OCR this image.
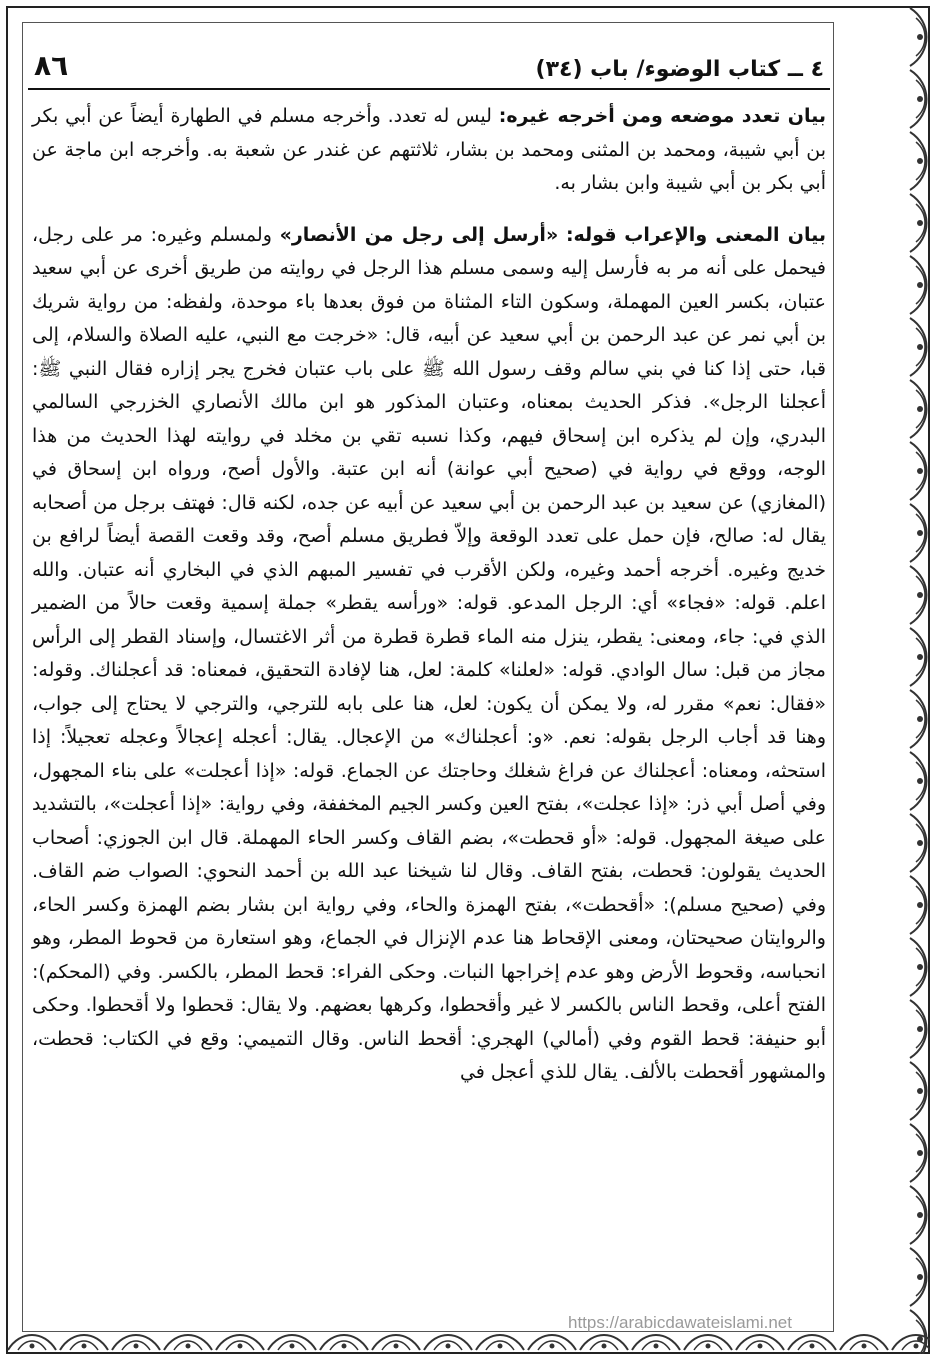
٤ ــ كتاب الوضوء/ باب (٣٤)
٨٦

بيان تعدد موضعه ومن أخرجه غيره: ليس له تعدد. وأخرجه مسلم في الطهارة أيضاً عن أبي بكر بن أبي شيبة، ومحمد بن المثنى ومحمد بن بشار، ثلاثتهم عن غندر عن شعبة به. وأخرجه ابن ماجة عن أبي بكر بن أبي شيبة وابن بشار به.

بيان المعنى والإعراب قوله: «أرسل إلى رجل من الأنصار» ولمسلم وغيره: مر على رجل، فيحمل على أنه مر به فأرسل إليه وسمى مسلم هذا الرجل في روايته من طريق أخرى عن أبي سعيد عتبان، بكسر العين المهملة، وسكون التاء المثناة من فوق بعدها باء موحدة، ولفظه: من رواية شريك بن أبي نمر عن عبد الرحمن بن أبي سعيد عن أبيه، قال: «خرجت مع النبي، عليه الصلاة والسلام، إلى قبا، حتى إذا كنا في بني سالم وقف رسول الله ﷺ على باب عتبان فخرج يجر إزاره فقال النبي ﷺ: أعجلنا الرجل». فذكر الحديث بمعناه، وعتبان المذكور هو ابن مالك الأنصاري الخزرجي السالمي البدري، وإن لم يذكره ابن إسحاق فيهم، وكذا نسبه تقي بن مخلد في روايته لهذا الحديث من هذا الوجه، ووقع في رواية في (صحيح أبي عوانة) أنه ابن عتبة. والأول أصح، ورواه ابن إسحاق في (المغازي) عن سعيد بن عبد الرحمن بن أبي سعيد عن أبيه عن جده، لكنه قال: فهتف برجل من أصحابه يقال له: صالح، فإن حمل على تعدد الوقعة وإلاّ فطريق مسلم أصح، وقد وقعت القصة أيضاً لرافع بن خديج وغيره. أخرجه أحمد وغيره، ولكن الأقرب في تفسير المبهم الذي في البخاري أنه عتبان. والله اعلم. قوله: «فجاء» أي: الرجل المدعو. قوله: «ورأسه يقطر» جملة إسمية وقعت حالاً من الضمير الذي في: جاء، ومعنى: يقطر، ينزل منه الماء قطرة قطرة من أثر الاغتسال، وإسناد القطر إلى الرأس مجاز من قبل: سال الوادي. قوله: «لعلنا» كلمة: لعل، هنا لإفادة التحقيق، فمعناه: قد أعجلناك. وقوله: «فقال: نعم» مقرر له، ولا يمكن أن يكون: لعل، هنا على بابه للترجي، والترجي لا يحتاج إلى جواب، وهنا قد أجاب الرجل بقوله: نعم. «و: أعجلناك» من الإعجال. يقال: أعجله إعجالاً وعجله تعجيلاً: إذا استحثه، ومعناه: أعجلناك عن فراغ شغلك وحاجتك عن الجماع. قوله: «إذا أعجلت» على بناء المجهول، وفي أصل أبي ذر: «إذا عجلت»، بفتح العين وكسر الجيم المخففة، وفي رواية: «إذا أعجلت»، بالتشديد على صيغة المجهول. قوله: «أو قحطت»، بضم القاف وكسر الحاء المهملة. قال ابن الجوزي: أصحاب الحديث يقولون: قحطت، بفتح القاف. وقال لنا شيخنا عبد الله بن أحمد النحوي: الصواب ضم القاف. وفي (صحيح مسلم): «أقحطت»، بفتح الهمزة والحاء، وفي رواية ابن بشار بضم الهمزة وكسر الحاء، والروايتان صحيحتان، ومعنى الإقحاط هنا عدم الإنزال في الجماع، وهو استعارة من قحوط المطر، وهو انحباسه، وقحوط الأرض وهو عدم إخراجها النبات. وحكى الفراء: قحط المطر، بالكسر. وفي (المحكم): الفتح أعلى، وقحط الناس بالكسر لا غير وأقحطوا، وكرهها بعضهم. ولا يقال: قحطوا ولا أقحطوا. وحكى أبو حنيفة: قحط القوم وفي (أمالي) الهجري: أقحط الناس. وقال التميمي: وقع في الكتاب: قحطت، والمشهور أقحطت بالألف. يقال للذي أعجل في

https://arabicdawateislami.net
